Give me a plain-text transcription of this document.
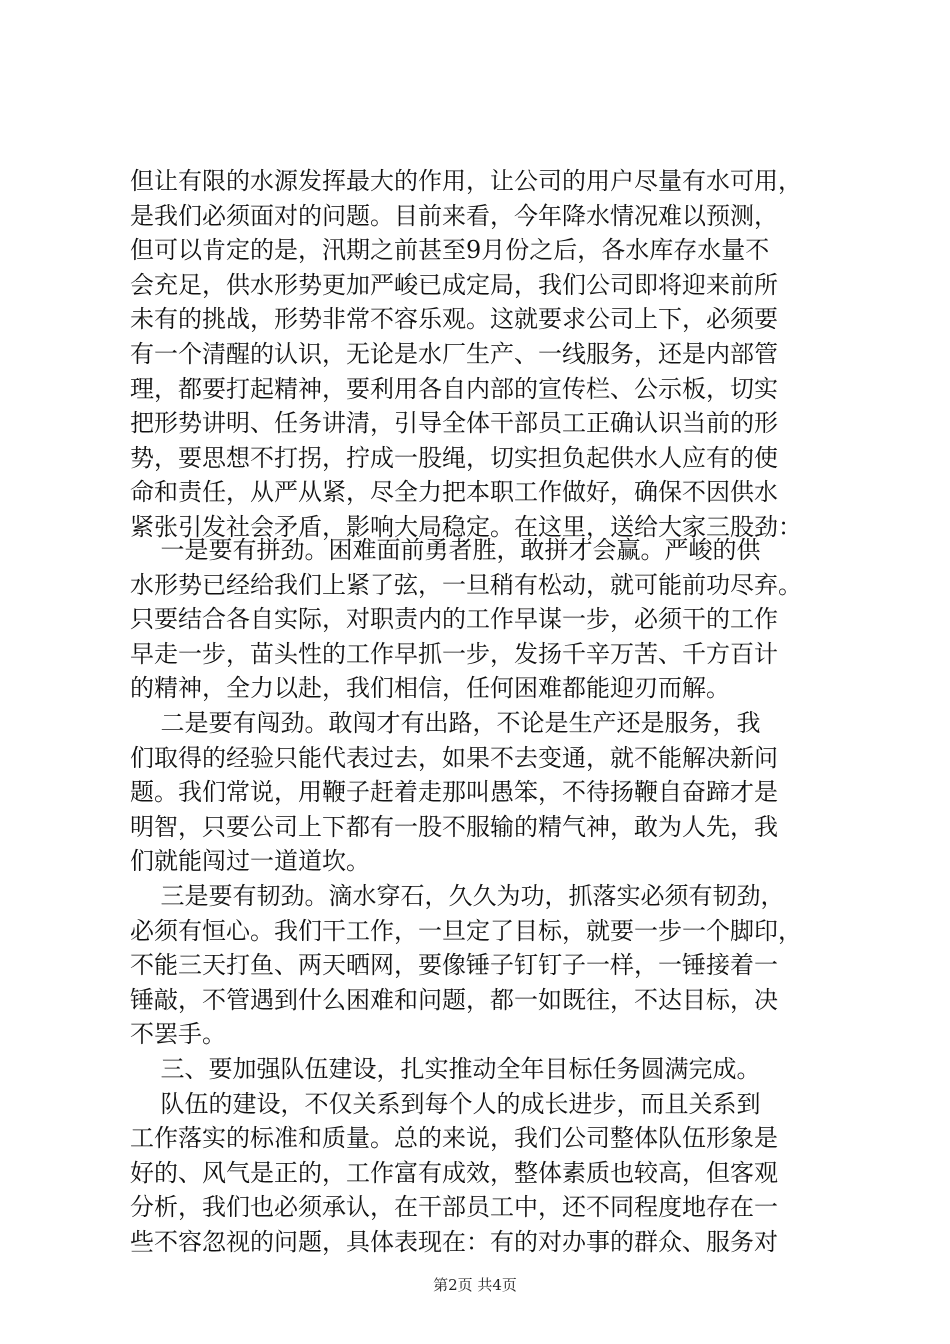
但让有限的水源发挥最大的作用，让公司的用户尽量有水可用，
是我们必须面对的问题。目前来看，今年降水情况难以预测，
但可以肯定的是，汛期之前甚至9月份之后，各水库存水量不
会充足，供水形势更加严峻已成定局，我们公司即将迎来前所
未有的挑战，形势非常不容乐观。这就要求公司上下，必须要
有一个清醒的认识，无论是水厂生产、一线服务，还是内部管
理，都要打起精神，要利用各自内部的宣传栏、公示板，切实
把形势讲明、任务讲清，引导全体干部员工正确认识当前的形
势，要思想不打拐，拧成一股绳，切实担负起供水人应有的使
命和责任，从严从紧，尽全力把本职工作做好，确保不因供水
紧张引发社会矛盾，影响大局稳定。在这里，送给大家三股劲：

一是要有拼劲。困难面前勇者胜，敢拼才会赢。严峻的供
水形势已经给我们上紧了弦，一旦稍有松动，就可能前功尽弃。
只要结合各自实际，对职责内的工作早谋一步，必须干的工作
早走一步，苗头性的工作早抓一步，发扬千辛万苦、千方百计
的精神，全力以赴，我们相信，任何困难都能迎刃而解。
二是要有闯劲。敢闯才有出路，不论是生产还是服务，我
们取得的经验只能代表过去，如果不去变通，就不能解决新问
题。我们常说，用鞭子赶着走那叫愚笨，不待扬鞭自奋蹄才是
明智，只要公司上下都有一股不服输的精气神，敢为人先，我
们就能闯过一道道坎。
三是要有韧劲。滴水穿石，久久为功，抓落实必须有韧劲，
必须有恒心。我们干工作，一旦定了目标，就要一步一个脚印，
不能三天打鱼、两天晒网，要像锤子钉钉子一样，一锤接着一
锤敲，不管遇到什么困难和问题，都一如既往，不达目标，决
不罢手。
三、要加强队伍建设，扎实推动全年目标任务圆满完成。
队伍的建设，不仅关系到每个人的成长进步，而且关系到
工作落实的标准和质量。总的来说，我们公司整体队伍形象是
好的、风气是正的，工作富有成效，整体素质也较高，但客观
分析，我们也必须承认，在干部员工中，还不同程度地存在一
些不容忽视的问题，具体表现在：有的对办事的群众、服务对

第2页 共4页
